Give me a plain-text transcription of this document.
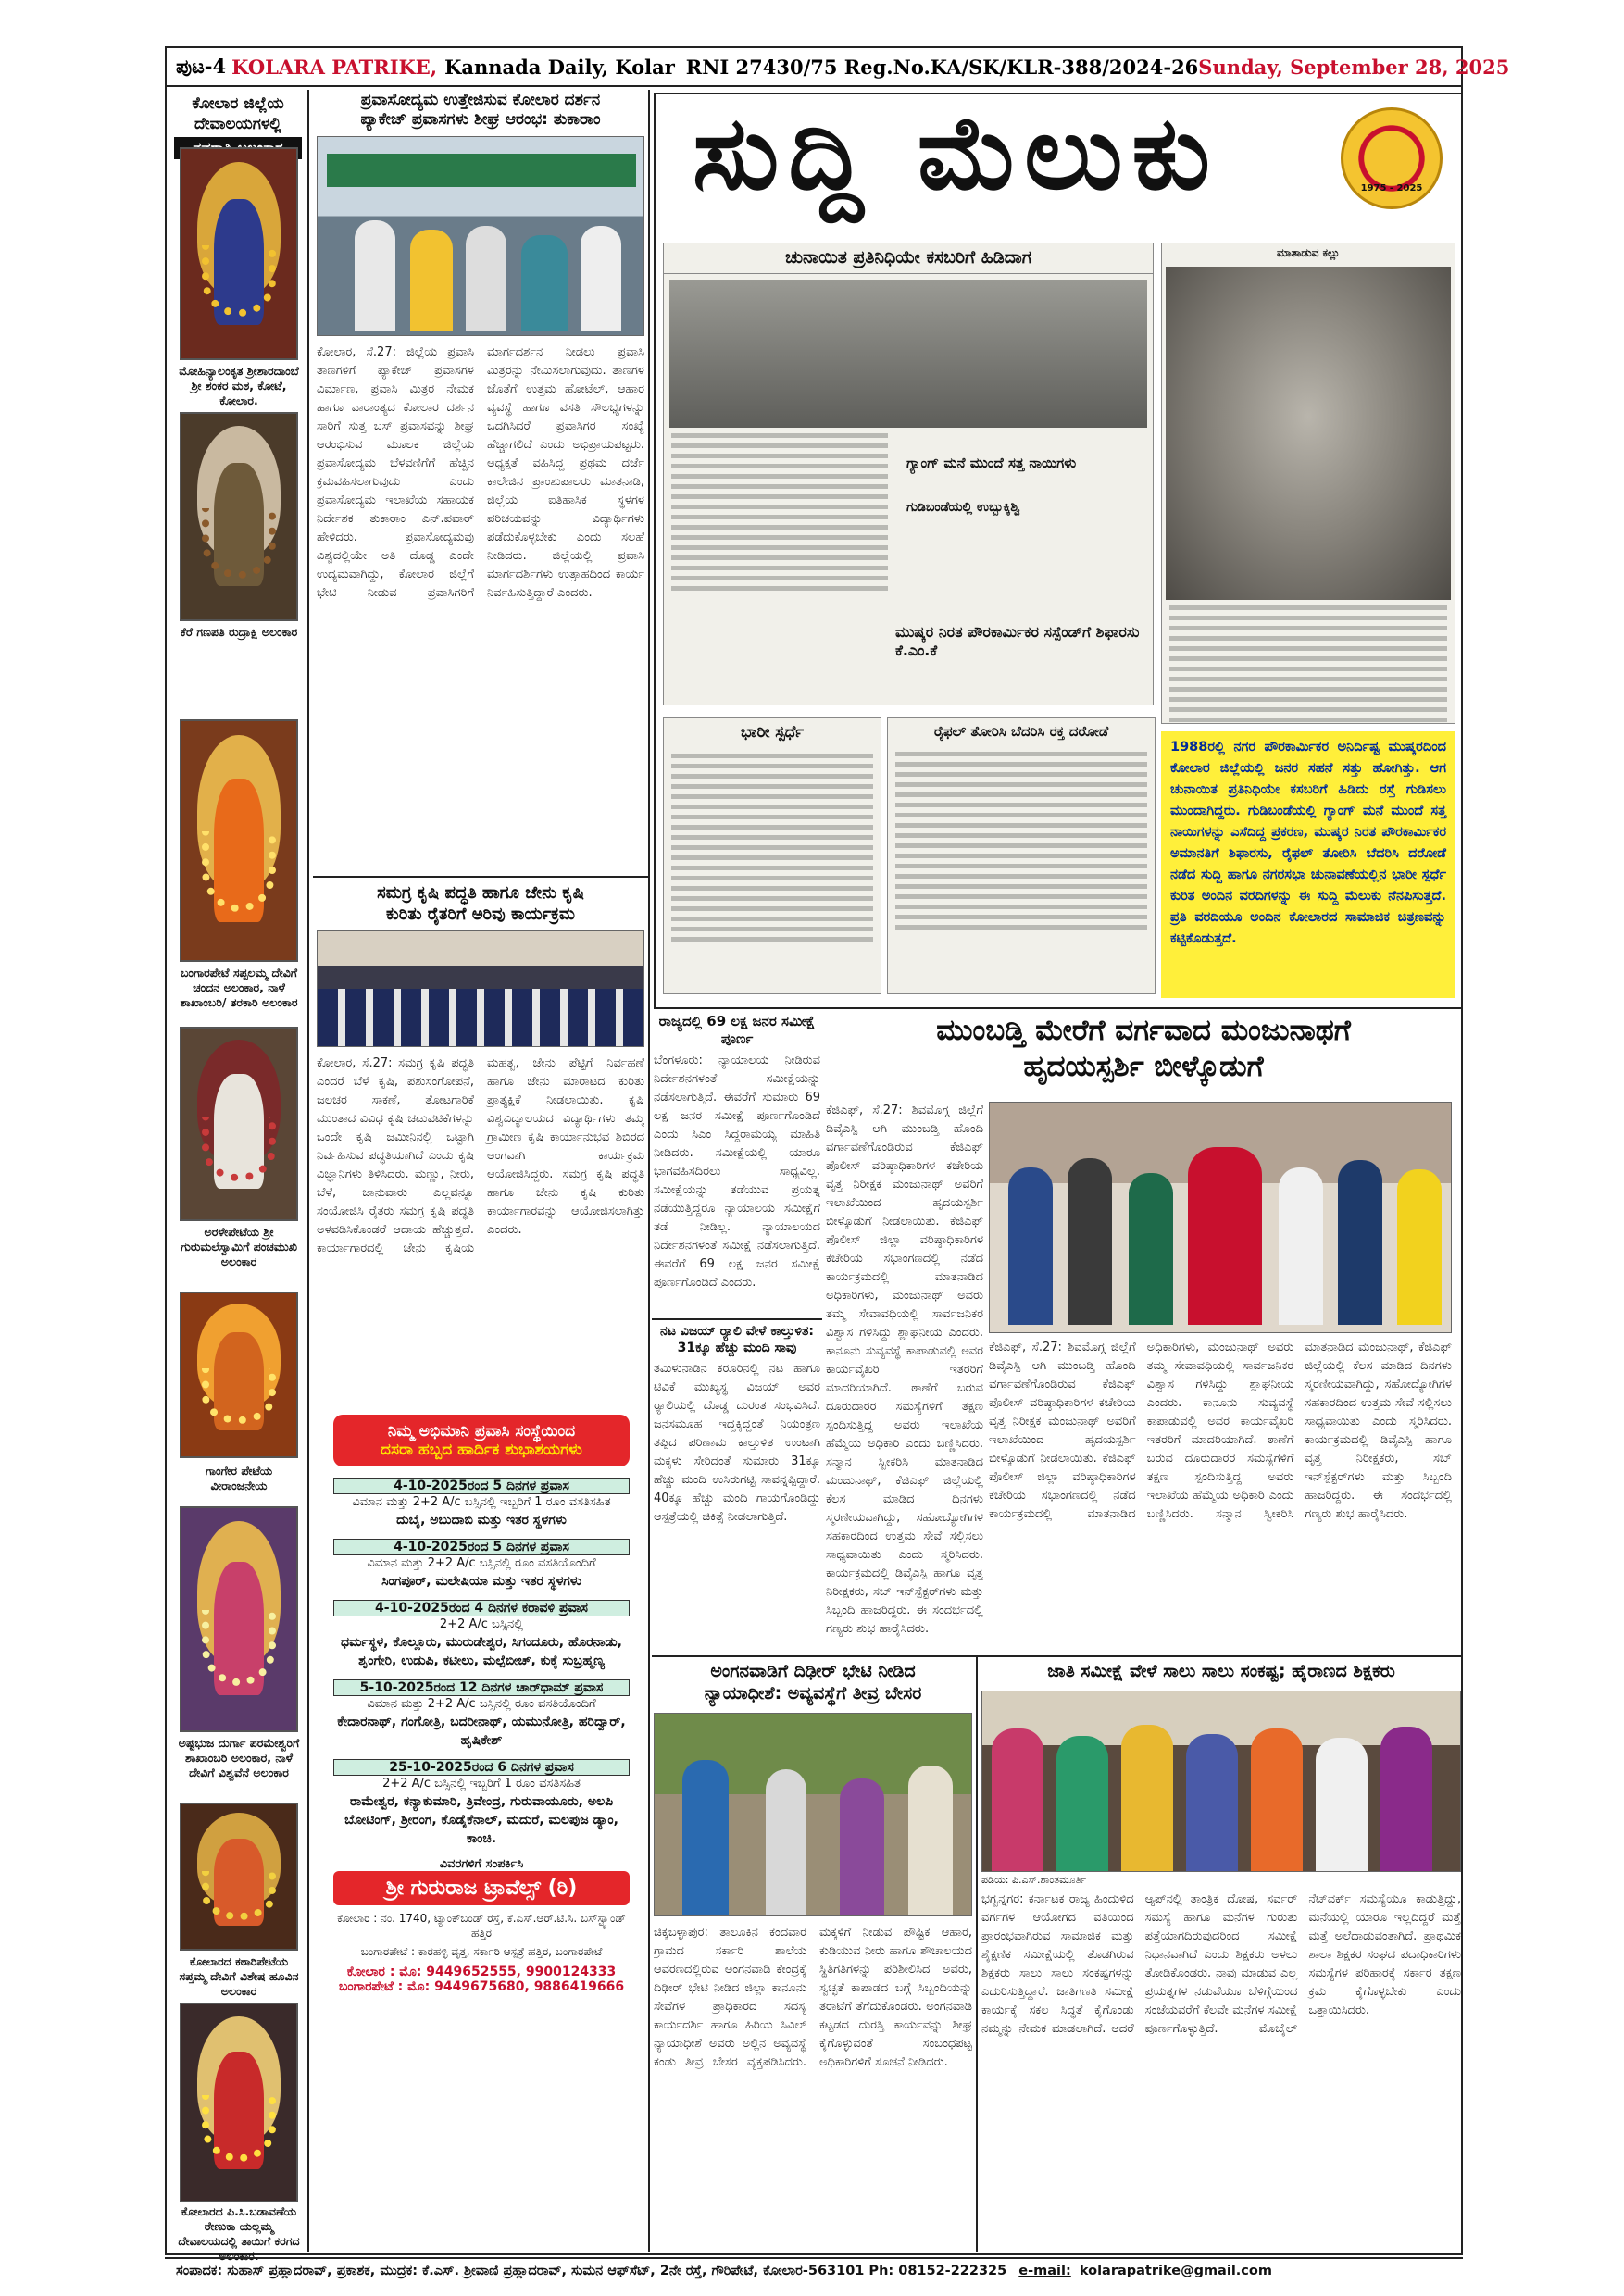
ಪುಟ-4 KOLARA PATRIKE, Kannada Daily, Kolar RNI 27430/75 Reg.No.KA/SK/KLR-388/2024-26 Sunday, September 28, 2025
ಕೋಲಾರ ಜಿಲ್ಲೆಯ
ದೇವಾಲಯಗಳಲ್ಲಿ
ಮೋಹಿನ್ಯಾಲಂಕೃತ ಶ್ರೀಶಾರದಾಂಬೆ ಶ್ರೀ ಶಂಕರ ಮಠ, ಕೋಟೆ, ಕೋಲಾರ.
ಕೆರೆ ಗಣಪತಿ ರುದ್ರಾಕ್ಷಿ ಅಲಂಕಾರ
ಬಂಗಾರಪೇಟೆ ಸಪ್ಪಲಮ್ಮ ದೇವಿಗೆ ಚಂದನ ಅಲಂಕಾರ, ನಾಳೆ ಶಾಖಾಂಬರಿ/ ತರಕಾರಿ ಅಲಂಕಾರ
ಅರಳೇಪೇಟೆಯ ಶ್ರೀ ಗುರುಮಲೆಸ್ವಾಮಿಗೆ ಪಂಚಮುಖಿ ಅಲಂಕಾರ
ಗಾಂಗೇರ ಪೇಟೆಯ ವೀರಾಂಜನೇಯ
ಅಷ್ಟಭುಜ ದುರ್ಗಾ ಪರಮೇಶ್ವರಿಗೆ ಶಾಖಾಂಬರಿ ಅಲಂಕಾರ, ನಾಳೆ ದೇವಿಗೆ ವಿಶ್ವವೆನೆ ಅಲಂಕಾರ
ಕೋಲಾರದ ಕಠಾರಿಪೇಟೆಯ ಸಪ್ತಮ್ಮ ದೇವಿಗೆ ವಿಶೇಷ ಹೂವಿನ ಅಲಂಕಾರ
ಕೋಲಾರದ ಪಿ.ಸಿ.ಬಡಾವಣೆಯ ರೇಣುಕಾ ಯಲ್ಲಮ್ಮ ದೇವಾಲಯದಲ್ಲಿ ತಾಯಿಗೆ ಕರಗದ ಅಲಂಕಾರ.
ಪ್ರವಾಸೋದ್ಯಮ ಉತ್ತೇಜಿಸುವ ಕೋಲಾರ ದರ್ಶನ
ಪ್ಯಾಕೇಜ್ ಪ್ರವಾಸಗಳು ಶೀಘ್ರ ಆರಂಭ: ತುಕಾರಾಂ
ಕೋಲಾರ, ಸೆ.27: ಜಿಲ್ಲೆಯ ಪ್ರವಾಸಿ ತಾಣಗಳಿಗೆ ಪ್ಯಾಕೇಜ್ ಪ್ರವಾಸಗಳ ವಿರ್ಮಾಣ, ಪ್ರವಾಸಿ ಮಿತ್ರರ ನೇಮಕ ಹಾಗೂ ವಾರಾಂತ್ಯದ ಕೋಲಾರ ದರ್ಶನ ಸಾರಿಗೆ ಸುತ್ತ ಬಸ್ ಪ್ರವಾಸವನ್ನು ಶೀಘ್ರ ಆರಂಭಿಸುವ ಮೂಲಕ ಜಿಲ್ಲೆಯ ಪ್ರವಾಸೋದ್ಯಮ ಬೆಳವಣಿಗೆಗೆ ಹೆಚ್ಚಿನ ಕ್ರಮವಹಿಸಲಾಗುವುದು ಎಂದು ಪ್ರವಾಸೋದ್ಯಮ ಇಲಾಖೆಯ ಸಹಾಯಕ ನಿರ್ದೇಶಕ ತುಕಾರಾಂ ಎನ್.ಪವಾರ್ ಹೇಳಿದರು. ಪ್ರವಾಸೋದ್ಯಮವು ವಿಶ್ವದಲ್ಲಿಯೇ ಅತಿ ದೊಡ್ಡ ಎಂದೇ ಉದ್ಯಮವಾಗಿದ್ದು, ಕೋಲಾರ ಜಿಲ್ಲೆಗೆ ಭೇಟಿ ನೀಡುವ ಪ್ರವಾಸಿಗರಿಗೆ ಮಾರ್ಗದರ್ಶನ ನೀಡಲು ಪ್ರವಾಸಿ ಮಿತ್ರರನ್ನು ನೇಮಿಸಲಾಗುವುದು. ತಾಣಗಳ ಜೊತೆಗೆ ಉತ್ತಮ ಹೋಟೆಲ್, ಆಹಾರ ವ್ಯವಸ್ಥೆ ಹಾಗೂ ವಸತಿ ಸೌಲಭ್ಯಗಳನ್ನು ಒದಗಿಸಿದರೆ ಪ್ರವಾಸಿಗರ ಸಂಖ್ಯೆ ಹೆಚ್ಚಾಗಲಿದೆ ಎಂದು ಅಭಿಪ್ರಾಯಪಟ್ಟರು. ಅಧ್ಯಕ್ಷತೆ ವಹಿಸಿದ್ದ ಪ್ರಥಮ ದರ್ಜೆ ಕಾಲೇಜಿನ ಪ್ರಾಂಶುಪಾಲರು ಮಾತನಾಡಿ, ಜಿಲ್ಲೆಯ ಐತಿಹಾಸಿಕ ಸ್ಥಳಗಳ ಪರಿಚಯವನ್ನು ವಿದ್ಯಾರ್ಥಿಗಳು ಪಡೆದುಕೊಳ್ಳಬೇಕು ಎಂದು ಸಲಹೆ ನೀಡಿದರು. ಜಿಲ್ಲೆಯಲ್ಲಿ ಪ್ರವಾಸಿ ಮಾರ್ಗದರ್ಶಿಗಳು ಉತ್ಸಾಹದಿಂದ ಕಾರ್ಯ ನಿರ್ವಹಿಸುತ್ತಿದ್ದಾರೆ ಎಂದರು.
ಸಮಗ್ರ ಕೃಷಿ ಪದ್ಧತಿ ಹಾಗೂ ಜೇನು ಕೃಷಿ
ಕುರಿತು ರೈತರಿಗೆ ಅರಿವು ಕಾರ್ಯಕ್ರಮ
ಕೋಲಾರ, ಸೆ.27: ಸಮಗ್ರ ಕೃಷಿ ಪದ್ಧತಿ ಎಂದರೆ ಬೆಳೆ ಕೃಷಿ, ಪಶುಸಂಗೋಪನೆ, ಜಲಚರ ಸಾಕಣೆ, ತೋಟಗಾರಿಕೆ ಮುಂತಾದ ವಿವಿಧ ಕೃಷಿ ಚಟುವಟಿಕೆಗಳನ್ನು ಒಂದೇ ಕೃಷಿ ಜಮೀನಿನಲ್ಲಿ ಒಟ್ಟಾಗಿ ನಿರ್ವಹಿಸುವ ಪದ್ಧತಿಯಾಗಿದೆ ಎಂದು ಕೃಷಿ ವಿಜ್ಞಾನಿಗಳು ತಿಳಿಸಿದರು. ಮಣ್ಣು, ನೀರು, ಬೆಳೆ, ಜಾನುವಾರು ಎಲ್ಲವನ್ನೂ ಸಂಯೋಜಿಸಿ ರೈತರು ಸಮಗ್ರ ಕೃಷಿ ಪದ್ಧತಿ ಅಳವಡಿಸಿಕೊಂಡರೆ ಆದಾಯ ಹೆಚ್ಚುತ್ತದೆ. ಕಾರ್ಯಾಗಾರದಲ್ಲಿ ಜೇನು ಕೃಷಿಯ ಮಹತ್ವ, ಜೇನು ಪೆಟ್ಟಿಗೆ ನಿರ್ವಹಣೆ ಹಾಗೂ ಜೇನು ಮಾರಾಟದ ಕುರಿತು ಪ್ರಾತ್ಯಕ್ಷಿಕೆ ನೀಡಲಾಯಿತು. ಕೃಷಿ ವಿಶ್ವವಿದ್ಯಾಲಯದ ವಿದ್ಯಾರ್ಥಿಗಳು ತಮ್ಮ ಗ್ರಾಮೀಣ ಕೃಷಿ ಕಾರ್ಯಾನುಭವ ಶಿಬಿರದ ಅಂಗವಾಗಿ ಕಾರ್ಯಕ್ರಮ ಆಯೋಜಿಸಿದ್ದರು. ಸಮಗ್ರ ಕೃಷಿ ಪದ್ಧತಿ ಹಾಗೂ ಜೇನು ಕೃಷಿ ಕುರಿತು ಕಾರ್ಯಾಗಾರವನ್ನು ಆಯೋಜಿಸಲಾಗಿತ್ತು ಎಂದರು.
ನಿಮ್ಮ ಅಭಿಮಾನಿ ಪ್ರವಾಸಿ ಸಂಸ್ಥೆಯಿಂದ
ದಸರಾ ಹಬ್ಬದ ಹಾರ್ದಿಕ ಶುಭಾಶಯಗಳು
4-10-2025ರಂದ 5 ದಿನಗಳ ಪ್ರವಾಸ
ವಿಮಾನ ಮತ್ತು 2+2 A/c ಬಸ್ಸಿನಲ್ಲಿ ಇಬ್ಬರಿಗೆ 1 ರೂಂ ವಸತಿಸಹಿತ
ದುಬೈ, ಅಬುದಾಬಿ ಮತ್ತು ಇತರ ಸ್ಥಳಗಳು
4-10-2025ರಂದ 5 ದಿನಗಳ ಪ್ರವಾಸ
ವಿಮಾನ ಮತ್ತು 2+2 A/c ಬಸ್ಸಿನಲ್ಲಿ ರೂಂ ವಸತಿಯೊಂದಿಗೆ
ಸಿಂಗಪೂರ್, ಮಲೇಷಿಯಾ ಮತ್ತು ಇತರ ಸ್ಥಳಗಳು
4-10-2025ರಂದ 4 ದಿನಗಳ ಕರಾವಳಿ ಪ್ರವಾಸ
2+2 A/c ಬಸ್ಸಿನಲ್ಲಿ
ಧರ್ಮಸ್ಥಳ, ಕೊಲ್ಲೂರು, ಮುರುಡೇಶ್ವರ, ಸಿಗಂದೂರು, ಹೊರನಾಡು, ಶೃಂಗೇರಿ, ಉಡುಪಿ, ಕಟೀಲು, ಮಲ್ಪೆಬೀಚ್, ಕುಕ್ಕೆ ಸುಬ್ರಹ್ಮಣ್ಯ
5-10-2025ರಂದ 12 ದಿನಗಳ ಚಾರ್‌ಧಾಮ್ ಪ್ರವಾಸ
ವಿಮಾನ ಮತ್ತು 2+2 A/c ಬಸ್ಸಿನಲ್ಲಿ ರೂಂ ವಸತಿಯೊಂದಿಗೆ
ಕೇದಾರನಾಥ್, ಗಂಗೋತ್ರಿ, ಬದರೀನಾಥ್, ಯಮುನೋತ್ರಿ, ಹರಿದ್ವಾರ್, ಹೃಷಿಕೇಶ್
25-10-2025ರಂದ 6 ದಿನಗಳ ಪ್ರವಾಸ
2+2 A/c ಬಸ್ಸಿನಲ್ಲಿ ಇಬ್ಬರಿಗೆ 1 ರೂಂ ವಸತಿಸಹಿತ
ರಾಮೇಶ್ವರ, ಕನ್ಯಾಕುಮಾರಿ, ತ್ರಿವೇಂದ್ರ, ಗುರುವಾಯೂರು, ಅಲಪಿ ಬೋಟಿಂಗ್, ಶ್ರೀರಂಗ, ಕೊಡೈಕೆನಾಲ್, ಮದುರೆ, ಮಲಪುಜ ಡ್ಯಾಂ, ಕಾಂಚಿ.
ವಿವರಗಳಿಗೆ ಸಂಪರ್ಕಿಸಿ
ಶ್ರೀ ಗುರುರಾಜ ಟ್ರಾವೆಲ್ಸ್ (ರಿ)
ಕೋಲಾರ : ನಂ. 1740, ಟ್ಯಾಂಕ್‌ಬಂಡ್ ರಸ್ತೆ, ಕೆ.ಎಸ್.ಆರ್.ಟಿ.ಸಿ. ಬಸ್‌ಸ್ಟ್ಯಾಂಡ್ ಹತ್ತಿರ
ಬಂಗಾರಪೇಟೆ : ಕಾರಹಳ್ಳಿ ವೃತ್ತ, ಸರ್ಕಾರಿ ಆಸ್ಪತ್ರೆ ಹತ್ತಿರ, ಬಂಗಾರಪೇಟೆ
ಕೋಲಾರ : ಮೊ: 9449652555, 9900124333
ಬಂಗಾರಪೇಟೆ : ಮೊ: 9449675680, 9886419666
ಸುದ್ದಿ ಮೆಲುಕು	1975 - 2025
ಚುನಾಯಿತ ಪ್ರತಿನಿಧಿಯೇ ಕಸಬರಿಗೆ ಹಿಡಿದಾಗ
ಗ್ಯಾಂಗ್ ಮನೆ ಮುಂದೆ ಸತ್ತ ನಾಯಿಗಳು
ಗುಡಿಬಂಡೆಯಲ್ಲಿ ಉಬ್ಬುಕ್ಕಿಶ್ವಿ
ಮುಷ್ಕರ ನಿರತ ಪೌರಕಾರ್ಮಿಕರ ಸಸ್ಪೆಂಡ್‌ಗೆ ಶಿಫಾರಸು ಕೆ.ಎಂ.ಕೆ
ಮಾತಾಡುವ ಕಲ್ಲು
ಭಾರೀ ಸ್ಪರ್ಧೆ	ರೈಫಲ್ ತೋರಿಸಿ ಬೆದರಿಸಿ ರಕ್ತ ದರೋಡೆ
1988ರಲ್ಲಿ ನಗರ ಪೌರಕಾರ್ಮಿಕರ ಅನಿರ್ದಿಷ್ಟ ಮುಷ್ಕರದಿಂದ ಕೋಲಾರ ಜಿಲ್ಲೆಯಲ್ಲಿ ಜನರ ಸಹನೆ ಸತ್ತು ಹೋಗಿತ್ತು. ಆಗ ಚುನಾಯಿತ ಪ್ರತಿನಿಧಿಯೇ ಕಸಬರಿಗೆ ಹಿಡಿದು ರಸ್ತೆ ಗುಡಿಸಲು ಮುಂದಾಗಿದ್ದರು. ಗುಡಿಬಂಡೆಯಲ್ಲಿ ಗ್ಯಾಂಗ್ ಮನೆ ಮುಂದೆ ಸತ್ತ ನಾಯಿಗಳನ್ನು ಎಸೆದಿದ್ದ ಪ್ರಕರಣ, ಮುಷ್ಕರ ನಿರತ ಪೌರಕಾರ್ಮಿಕರ ಅಮಾನತಿಗೆ ಶಿಫಾರಸು, ರೈಫಲ್ ತೋರಿಸಿ ಬೆದರಿಸಿ ದರೋಡೆ ನಡೆದ ಸುದ್ದಿ ಹಾಗೂ ನಗರಸಭಾ ಚುನಾವಣೆಯಲ್ಲಿನ ಭಾರೀ ಸ್ಪರ್ಧೆ ಕುರಿತ ಅಂದಿನ ವರದಿಗಳನ್ನು ಈ ಸುದ್ದಿ ಮೆಲುಕು ನೆನಪಿಸುತ್ತದೆ. ಪ್ರತಿ ವರದಿಯೂ ಅಂದಿನ ಕೋಲಾರದ ಸಾಮಾಜಿಕ ಚಿತ್ರಣವನ್ನು ಕಟ್ಟಿಕೊಡುತ್ತದೆ.
ರಾಜ್ಯದಲ್ಲಿ 69 ಲಕ್ಷ ಜನರ ಸಮೀಕ್ಷೆ ಪೂರ್ಣ
ಬೆಂಗಳೂರು: ನ್ಯಾಯಾಲಯ ನೀಡಿರುವ ನಿರ್ದೇಶನಗಳಂತೆ ಸಮೀಕ್ಷೆಯನ್ನು ನಡೆಸಲಾಗುತ್ತಿದೆ. ಈವರೆಗೆ ಸುಮಾರು 69 ಲಕ್ಷ ಜನರ ಸಮೀಕ್ಷೆ ಪೂರ್ಣಗೊಂಡಿದೆ ಎಂದು ಸಿಎಂ ಸಿದ್ದರಾಮಯ್ಯ ಮಾಹಿತಿ ನೀಡಿದರು. ಸಮೀಕ್ಷೆಯಲ್ಲಿ ಯಾರೂ ಭಾಗವಹಿಸದಿರಲು ಸಾಧ್ಯವಿಲ್ಲ. ಸಮೀಕ್ಷೆಯನ್ನು ತಡೆಯುವ ಪ್ರಯತ್ನ ನಡೆಯುತ್ತಿದ್ದರೂ ನ್ಯಾಯಾಲಯ ಸಮೀಕ್ಷೆಗೆ ತಡೆ ನೀಡಿಲ್ಲ. ನ್ಯಾಯಾಲಯದ ನಿರ್ದೇಶನಗಳಂತೆ ಸಮೀಕ್ಷೆ ನಡೆಸಲಾಗುತ್ತಿದೆ. ಈವರೆಗೆ 69 ಲಕ್ಷ ಜನರ ಸಮೀಕ್ಷೆ ಪೂರ್ಣಗೊಂಡಿದೆ ಎಂದರು.
ನಟ ವಿಜಯ್ ರ್‍ಯಾಲಿ ವೇಳೆ ಕಾಲ್ತುಳಿತ: 31ಕ್ಕೂ ಹೆಚ್ಚು ಮಂದಿ ಸಾವು
ತಮಿಳುನಾಡಿನ ಕರೂರಿನಲ್ಲಿ ನಟ ಹಾಗೂ ಟಿವಿಕೆ ಮುಖ್ಯಸ್ಥ ವಿಜಯ್ ಅವರ ರ್‍ಯಾಲಿಯಲ್ಲಿ ದೊಡ್ಡ ದುರಂತ ಸಂಭವಿಸಿದೆ. ಜನಸಮೂಹ ಇದ್ದಕ್ಕಿದ್ದಂತೆ ನಿಯಂತ್ರಣ ತಪ್ಪಿದ ಪರಿಣಾಮ ಕಾಲ್ತುಳಿತ ಉಂಟಾಗಿ ಮಕ್ಕಳು ಸೇರಿದಂತೆ ಸುಮಾರು 31ಕ್ಕೂ ಹೆಚ್ಚು ಮಂದಿ ಉಸಿರುಗಟ್ಟಿ ಸಾವನ್ನಪ್ಪಿದ್ದಾರೆ. 40ಕ್ಕೂ ಹೆಚ್ಚು ಮಂದಿ ಗಾಯಗೊಂಡಿದ್ದು ಆಸ್ಪತ್ರೆಯಲ್ಲಿ ಚಿಕಿತ್ಸೆ ನೀಡಲಾಗುತ್ತಿದೆ.
ಮುಂಬಡ್ತಿ ಮೇರೆಗೆ ವರ್ಗವಾದ ಮಂಜುನಾಥಗೆ
ಹೃದಯಸ್ಪರ್ಶಿ ಬೀಳ್ಕೊಡುಗೆ
ಕೆಜಿಎಫ್, ಸೆ.27: ಶಿವಮೊಗ್ಗ ಜಿಲ್ಲೆಗೆ ಡಿವೈಎಸ್ಪಿ ಆಗಿ ಮುಂಬಡ್ತಿ ಹೊಂದಿ ವರ್ಗಾವಣೆಗೊಂಡಿರುವ ಕೆಜಿಎಫ್ ಪೊಲೀಸ್ ವರಿಷ್ಠಾಧಿಕಾರಿಗಳ ಕಚೇರಿಯ ವೃತ್ತ ನಿರೀಕ್ಷಕ ಮಂಜುನಾಥ್ ಅವರಿಗೆ ಇಲಾಖೆಯಿಂದ ಹೃದಯಸ್ಪರ್ಶಿ ಬೀಳ್ಕೊಡುಗೆ ನೀಡಲಾಯಿತು. ಕೆಜಿಎಫ್ ಪೊಲೀಸ್ ಜಿಲ್ಲಾ ವರಿಷ್ಠಾಧಿಕಾರಿಗಳ ಕಚೇರಿಯ ಸಭಾಂಗಣದಲ್ಲಿ ನಡೆದ ಕಾರ್ಯಕ್ರಮದಲ್ಲಿ ಮಾತನಾಡಿದ ಅಧಿಕಾರಿಗಳು, ಮಂಜುನಾಥ್ ಅವರು ತಮ್ಮ ಸೇವಾವಧಿಯಲ್ಲಿ ಸಾರ್ವಜನಿಕರ ವಿಶ್ವಾಸ ಗಳಿಸಿದ್ದು ಶ್ಲಾಘನೀಯ ಎಂದರು. ಕಾನೂನು ಸುವ್ಯವಸ್ಥೆ ಕಾಪಾಡುವಲ್ಲಿ ಅವರ ಕಾರ್ಯವೈಖರಿ ಇತರರಿಗೆ ಮಾದರಿಯಾಗಿದೆ. ಠಾಣೆಗೆ ಬರುವ ದೂರುದಾರರ ಸಮಸ್ಯೆಗಳಿಗೆ ತಕ್ಷಣ ಸ್ಪಂದಿಸುತ್ತಿದ್ದ ಅವರು ಇಲಾಖೆಯ ಹೆಮ್ಮೆಯ ಅಧಿಕಾರಿ ಎಂದು ಬಣ್ಣಿಸಿದರು. ಸನ್ಮಾನ ಸ್ವೀಕರಿಸಿ ಮಾತನಾಡಿದ ಮಂಜುನಾಥ್, ಕೆಜಿಎಫ್ ಜಿಲ್ಲೆಯಲ್ಲಿ ಕೆಲಸ ಮಾಡಿದ ದಿನಗಳು ಸ್ಮರಣೀಯವಾಗಿದ್ದು, ಸಹೋದ್ಯೋಗಿಗಳ ಸಹಕಾರದಿಂದ ಉತ್ತಮ ಸೇವೆ ಸಲ್ಲಿಸಲು ಸಾಧ್ಯವಾಯಿತು ಎಂದು ಸ್ಮರಿಸಿದರು. ಕಾರ್ಯಕ್ರಮದಲ್ಲಿ ಡಿವೈಎಸ್ಪಿ ಹಾಗೂ ವೃತ್ತ ನಿರೀಕ್ಷಕರು, ಸಬ್ ಇನ್‌ಸ್ಪೆಕ್ಟರ್‌ಗಳು ಮತ್ತು ಸಿಬ್ಬಂದಿ ಹಾಜರಿದ್ದರು. ಈ ಸಂದರ್ಭದಲ್ಲಿ ಗಣ್ಯರು ಶುಭ ಹಾರೈಸಿದರು.
ಕೆಜಿಎಫ್, ಸೆ.27: ಶಿವಮೊಗ್ಗ ಜಿಲ್ಲೆಗೆ ಡಿವೈಎಸ್ಪಿ ಆಗಿ ಮುಂಬಡ್ತಿ ಹೊಂದಿ ವರ್ಗಾವಣೆಗೊಂಡಿರುವ ಕೆಜಿಎಫ್ ಪೊಲೀಸ್ ವರಿಷ್ಠಾಧಿಕಾರಿಗಳ ಕಚೇರಿಯ ವೃತ್ತ ನಿರೀಕ್ಷಕ ಮಂಜುನಾಥ್ ಅವರಿಗೆ ಇಲಾಖೆಯಿಂದ ಹೃದಯಸ್ಪರ್ಶಿ ಬೀಳ್ಕೊಡುಗೆ ನೀಡಲಾಯಿತು. ಕೆಜಿಎಫ್ ಪೊಲೀಸ್ ಜಿಲ್ಲಾ ವರಿಷ್ಠಾಧಿಕಾರಿಗಳ ಕಚೇರಿಯ ಸಭಾಂಗಣದಲ್ಲಿ ನಡೆದ ಕಾರ್ಯಕ್ರಮದಲ್ಲಿ ಮಾತನಾಡಿದ ಅಧಿಕಾರಿಗಳು, ಮಂಜುನಾಥ್ ಅವರು ತಮ್ಮ ಸೇವಾವಧಿಯಲ್ಲಿ ಸಾರ್ವಜನಿಕರ ವಿಶ್ವಾಸ ಗಳಿಸಿದ್ದು ಶ್ಲಾಘನೀಯ ಎಂದರು. ಕಾನೂನು ಸುವ್ಯವಸ್ಥೆ ಕಾಪಾಡುವಲ್ಲಿ ಅವರ ಕಾರ್ಯವೈಖರಿ ಇತರರಿಗೆ ಮಾದರಿಯಾಗಿದೆ. ಠಾಣೆಗೆ ಬರುವ ದೂರುದಾರರ ಸಮಸ್ಯೆಗಳಿಗೆ ತಕ್ಷಣ ಸ್ಪಂದಿಸುತ್ತಿದ್ದ ಅವರು ಇಲಾಖೆಯ ಹೆಮ್ಮೆಯ ಅಧಿಕಾರಿ ಎಂದು ಬಣ್ಣಿಸಿದರು. ಸನ್ಮಾನ ಸ್ವೀಕರಿಸಿ ಮಾತನಾಡಿದ ಮಂಜುನಾಥ್, ಕೆಜಿಎಫ್ ಜಿಲ್ಲೆಯಲ್ಲಿ ಕೆಲಸ ಮಾಡಿದ ದಿನಗಳು ಸ್ಮರಣೀಯವಾಗಿದ್ದು, ಸಹೋದ್ಯೋಗಿಗಳ ಸಹಕಾರದಿಂದ ಉತ್ತಮ ಸೇವೆ ಸಲ್ಲಿಸಲು ಸಾಧ್ಯವಾಯಿತು ಎಂದು ಸ್ಮರಿಸಿದರು. ಕಾರ್ಯಕ್ರಮದಲ್ಲಿ ಡಿವೈಎಸ್ಪಿ ಹಾಗೂ ವೃತ್ತ ನಿರೀಕ್ಷಕರು, ಸಬ್ ಇನ್‌ಸ್ಪೆಕ್ಟರ್‌ಗಳು ಮತ್ತು ಸಿಬ್ಬಂದಿ ಹಾಜರಿದ್ದರು. ಈ ಸಂದರ್ಭದಲ್ಲಿ ಗಣ್ಯರು ಶುಭ ಹಾರೈಸಿದರು.
ಅಂಗನವಾಡಿಗೆ ದಿಢೀರ್ ಭೇಟಿ ನೀಡಿದ
ನ್ಯಾಯಾಧೀಶೆ: ಅವ್ಯವಸ್ಥೆಗೆ ತೀವ್ರ ಬೇಸರ
ಚಿಕ್ಕಬಳ್ಳಾಪುರ: ತಾಲೂಕಿನ ಕಂದವಾರ ಗ್ರಾಮದ ಸರ್ಕಾರಿ ಶಾಲೆಯ ಆವರಣದಲ್ಲಿರುವ ಅಂಗನವಾಡಿ ಕೇಂದ್ರಕ್ಕೆ ದಿಢೀರ್ ಭೇಟಿ ನೀಡಿದ ಜಿಲ್ಲಾ ಕಾನೂನು ಸೇವೆಗಳ ಪ್ರಾಧಿಕಾರದ ಸದಸ್ಯ ಕಾರ್ಯದರ್ಶಿ ಹಾಗೂ ಹಿರಿಯ ಸಿವಿಲ್ ನ್ಯಾಯಾಧೀಶೆ ಅವರು ಅಲ್ಲಿನ ಅವ್ಯವಸ್ಥೆ ಕಂಡು ತೀವ್ರ ಬೇಸರ ವ್ಯಕ್ತಪಡಿಸಿದರು. ಮಕ್ಕಳಿಗೆ ನೀಡುವ ಪೌಷ್ಟಿಕ ಆಹಾರ, ಕುಡಿಯುವ ನೀರು ಹಾಗೂ ಶೌಚಾಲಯದ ಸ್ಥಿತಿಗತಿಗಳನ್ನು ಪರಿಶೀಲಿಸಿದ ಅವರು, ಸ್ವಚ್ಛತೆ ಕಾಪಾಡದ ಬಗ್ಗೆ ಸಿಬ್ಬಂದಿಯನ್ನು ತರಾಟೆಗೆ ತೆಗೆದುಕೊಂಡರು. ಅಂಗನವಾಡಿ ಕಟ್ಟಡದ ದುರಸ್ತಿ ಕಾರ್ಯವನ್ನು ಶೀಘ್ರ ಕೈಗೊಳ್ಳುವಂತೆ ಸಂಬಂಧಪಟ್ಟ ಅಧಿಕಾರಿಗಳಿಗೆ ಸೂಚನೆ ನೀಡಿದರು.
ಜಾತಿ ಸಮೀಕ್ಷೆ ವೇಳೆ ಸಾಲು ಸಾಲು ಸಂಕಷ್ಟ; ಹೈರಾಣದ ಶಿಕ್ಷಕರು
ಪಡಿಯ: ಪಿ.ಎಸ್.ಶಾಂತಮೂರ್ತಿ
ಭಗ್ವನ್ನಗರ: ಕರ್ನಾಟಕ ರಾಜ್ಯ ಹಿಂದುಳಿದ ವರ್ಗಗಳ ಆಯೋಗದ ವತಿಯಿಂದ ಪ್ರಾರಂಭವಾಗಿರುವ ಸಾಮಾಜಿಕ ಮತ್ತು ಶೈಕ್ಷಣಿಕ ಸಮೀಕ್ಷೆಯಲ್ಲಿ ತೊಡಗಿರುವ ಶಿಕ್ಷಕರು ಸಾಲು ಸಾಲು ಸಂಕಷ್ಟಗಳನ್ನು ಎದುರಿಸುತ್ತಿದ್ದಾರೆ. ಜಾತಿಗಣತಿ ಸಮೀಕ್ಷೆ ಕಾರ್ಯಕ್ಕೆ ಸಕಲ ಸಿದ್ಧತೆ ಕೈಗೊಂಡು ನಮ್ಮನ್ನು ನೇಮಕ ಮಾಡಲಾಗಿದೆ. ಆದರೆ ಆ್ಯಪ್‌ನಲ್ಲಿ ತಾಂತ್ರಿಕ ದೋಷ, ಸರ್ವರ್ ಸಮಸ್ಯೆ ಹಾಗೂ ಮನೆಗಳ ಗುರುತು ಪತ್ತೆಯಾಗದಿರುವುದರಿಂದ ಸಮೀಕ್ಷೆ ನಿಧಾನವಾಗಿದೆ ಎಂದು ಶಿಕ್ಷಕರು ಅಳಲು ತೋಡಿಕೊಂಡರು. ನಾವು ಮಾಡುವ ಎಲ್ಲ ಪ್ರಯತ್ನಗಳ ನಡುವೆಯೂ ಬೆಳಿಗ್ಗೆಯಿಂದ ಸಂಜೆಯವರೆಗೆ ಕೆಲವೇ ಮನೆಗಳ ಸಮೀಕ್ಷೆ ಪೂರ್ಣಗೊಳ್ಳುತ್ತಿದೆ. ಮೊಬೈಲ್ ನೆಟ್‌ವರ್ಕ್ ಸಮಸ್ಯೆಯೂ ಕಾಡುತ್ತಿದ್ದು, ಮನೆಯಲ್ಲಿ ಯಾರೂ ಇಲ್ಲದಿದ್ದರೆ ಮತ್ತೆ ಮತ್ತೆ ಅಲೆದಾಡುವಂತಾಗಿದೆ. ಪ್ರಾಥಮಿಕ ಶಾಲಾ ಶಿಕ್ಷಕರ ಸಂಘದ ಪದಾಧಿಕಾರಿಗಳು ಸಮಸ್ಯೆಗಳ ಪರಿಹಾರಕ್ಕೆ ಸರ್ಕಾರ ತಕ್ಷಣ ಕ್ರಮ ಕೈಗೊಳ್ಳಬೇಕು ಎಂದು ಒತ್ತಾಯಿಸಿದರು.
ಸಂಪಾದಕ: ಸುಹಾಸ್ ಪ್ರಹ್ಲಾದರಾವ್, ಪ್ರಕಾಶಕ, ಮುದ್ರಕ: ಕೆ.ಎಸ್. ಶ್ರೀವಾಣಿ ಪ್ರಹ್ಲಾದರಾವ್, ಸುಮನ ಆಫ್‌ಸೆಟ್, 2ನೇ ರಸ್ತೆ, ಗೌರಿಪೇಟೆ, ಕೋಲಾರ-563101 Ph: 08152-222325 e-mail: kolarapatrike@gmail.com
